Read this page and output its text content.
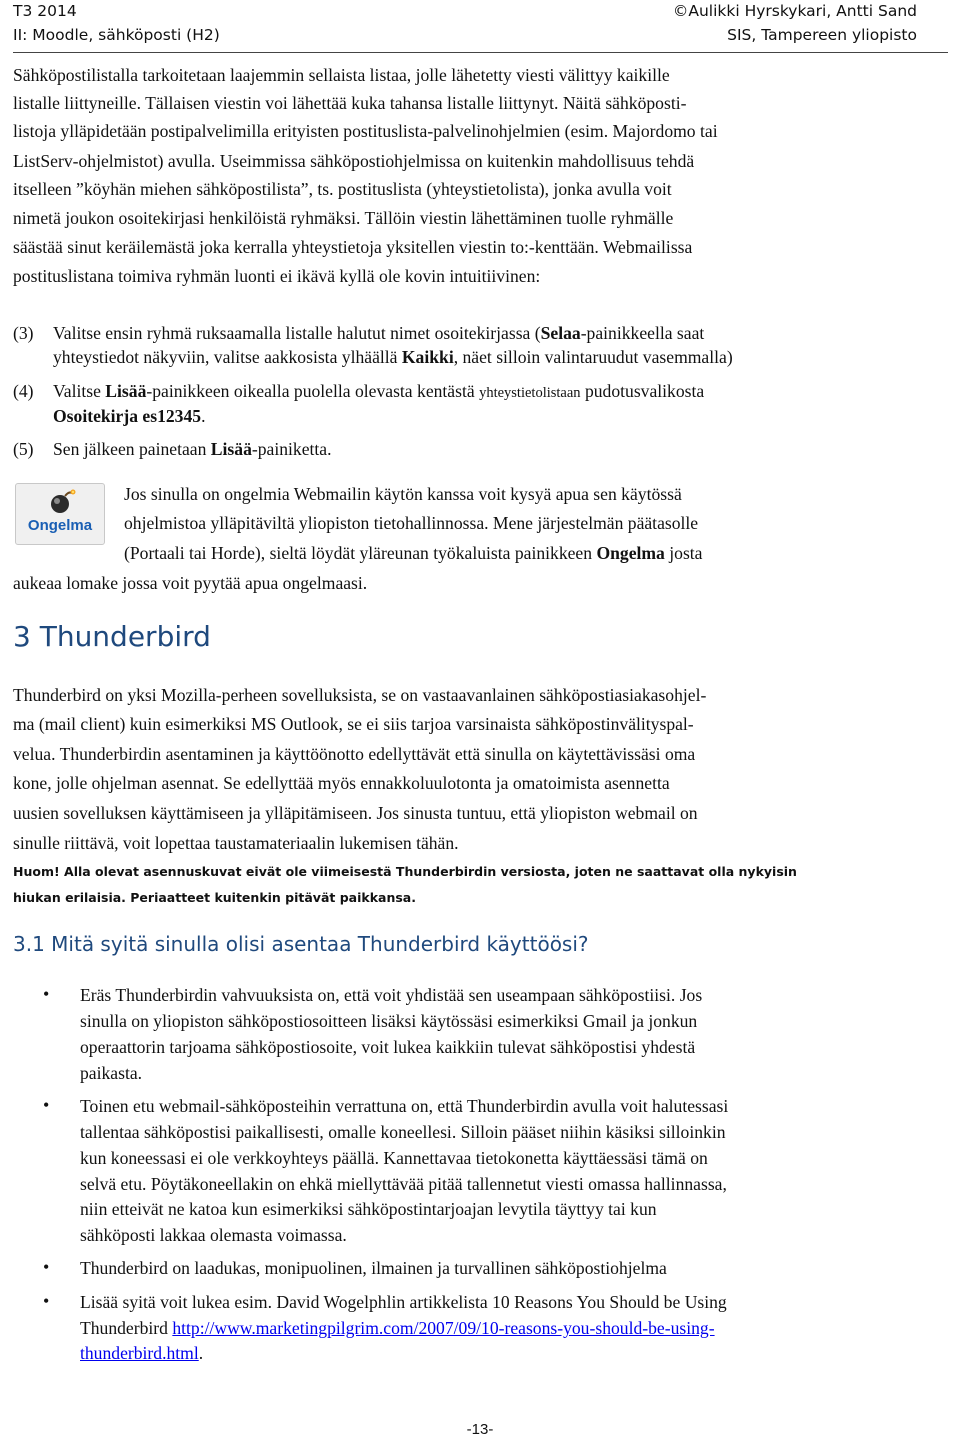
T3 2014
II: Moodle, sähköposti (H2)
©Aulikki Hyrskykari, Antti Sand
SIS, Tampereen yliopisto
Sähköpostilistalla tarkoitetaan laajemmin sellaista listaa, jolle lähetetty viesti välittyy kaikille
listalle liittyneille. Tällaisen viestin voi lähettää kuka tahansa listalle liittynyt. Näitä sähköposti-
listoja ylläpidetään postipalvelimilla erityisten postituslista-palvelinohjelmien (esim. Majordomo tai
ListServ-ohjelmistot) avulla. Useimmissa sähköpostiohjelmissa on kuitenkin mahdollisuus tehdä
itselleen ”köyhän miehen sähköpostilista”, ts. postituslista (yhteystietolista), jonka avulla voit
nimetä joukon osoitekirjasi henkilöistä ryhmäksi. Tällöin viestin lähettäminen tuolle ryhmälle
säästää sinut keräilemästä joka kerralla yhteystietoja yksitellen viestin to:-kenttään. Webmailissa
postituslistana toimiva ryhmän luonti ei ikävä kyllä ole kovin intuitiivinen:
(3) Valitse ensin ryhmä ruksaamalla listalle halutut nimet osoitekirjassa (Selaa-painikkeella saat
yhteystiedot näkyviin, valitse aakkosista ylhäällä Kaikki, näet silloin valintaruudut vasemmalla)
(4) Valitse Lisää-painikkeen oikealla puolella olevasta kentästä yhteystietolistaan pudotusvalikosta
Osoitekirja es12345.
(5) Sen jälkeen painetaan Lisää-painiketta.
Ongelma
Jos sinulla on ongelmia Webmailin käytön kanssa voit kysyä apua sen käytössä
ohjelmistoa ylläpitäviltä yliopiston tietohallinnossa. Mene järjestelmän päätasolle
(Portaali tai Horde), sieltä löydät yläreunan työkaluista painikkeen Ongelma josta
aukeaa lomake jossa voit pyytää apua ongelmaasi.
3 Thunderbird
Thunderbird on yksi Mozilla-perheen sovelluksista, se on vastaavanlainen sähköpostiasiakasohjel-
ma (mail client) kuin esimerkiksi MS Outlook, se ei siis tarjoa varsinaista sähköpostinvälityspal-
velua. Thunderbirdin asentaminen ja käyttöönotto edellyttävät että sinulla on käytettävissäsi oma
kone, jolle ohjelman asennat. Se edellyttää myös ennakkoluulotonta ja omatoimista asennetta
uusien sovelluksen käyttämiseen ja ylläpitämiseen. Jos sinusta tuntuu, että yliopiston webmail on
sinulle riittävä, voit lopettaa taustamateriaalin lukemisen tähän.
Huom! Alla olevat asennuskuvat eivät ole viimeisestä Thunderbirdin versiosta, joten ne saattavat olla nykyisin
hiukan erilaisia. Periaatteet kuitenkin pitävät paikkansa.
3.1 Mitä syitä sinulla olisi asentaa Thunderbird käyttöösi?
• Eräs Thunderbirdin vahvuuksista on, että voit yhdistää sen useampaan sähköpostiisi. Jos
sinulla on yliopiston sähköpostiosoitteen lisäksi käytössäsi esimerkiksi Gmail ja jonkun
operaattorin tarjoama sähköpostiosoite, voit lukea kaikkiin tulevat sähköpostisi yhdestä
paikasta.
• Toinen etu webmail-sähköposteihin verrattuna on, että Thunderbirdin avulla voit halutessasi
tallentaa sähköpostisi paikallisesti, omalle koneellesi. Silloin pääset niihin käsiksi silloinkin
kun koneessasi ei ole verkkoyhteys päällä. Kannettavaa tietokonetta käyttäessäsi tämä on
selvä etu. Pöytäkoneellakin on ehkä miellyttävää pitää tallennetut viesti omassa hallinnassa,
niin etteivät ne katoa kun esimerkiksi sähköpostintarjoajan levytila täyttyy tai kun
sähköposti lakkaa olemasta voimassa.
• Thunderbird on laadukas, monipuolinen, ilmainen ja turvallinen sähköpostiohjelma
• Lisää syitä voit lukea esim. David Wogelphlin artikkelista 10 Reasons You Should be Using
Thunderbird http://www.marketingpilgrim.com/2007/09/10-reasons-you-should-be-using-
thunderbird.html.
-13-
